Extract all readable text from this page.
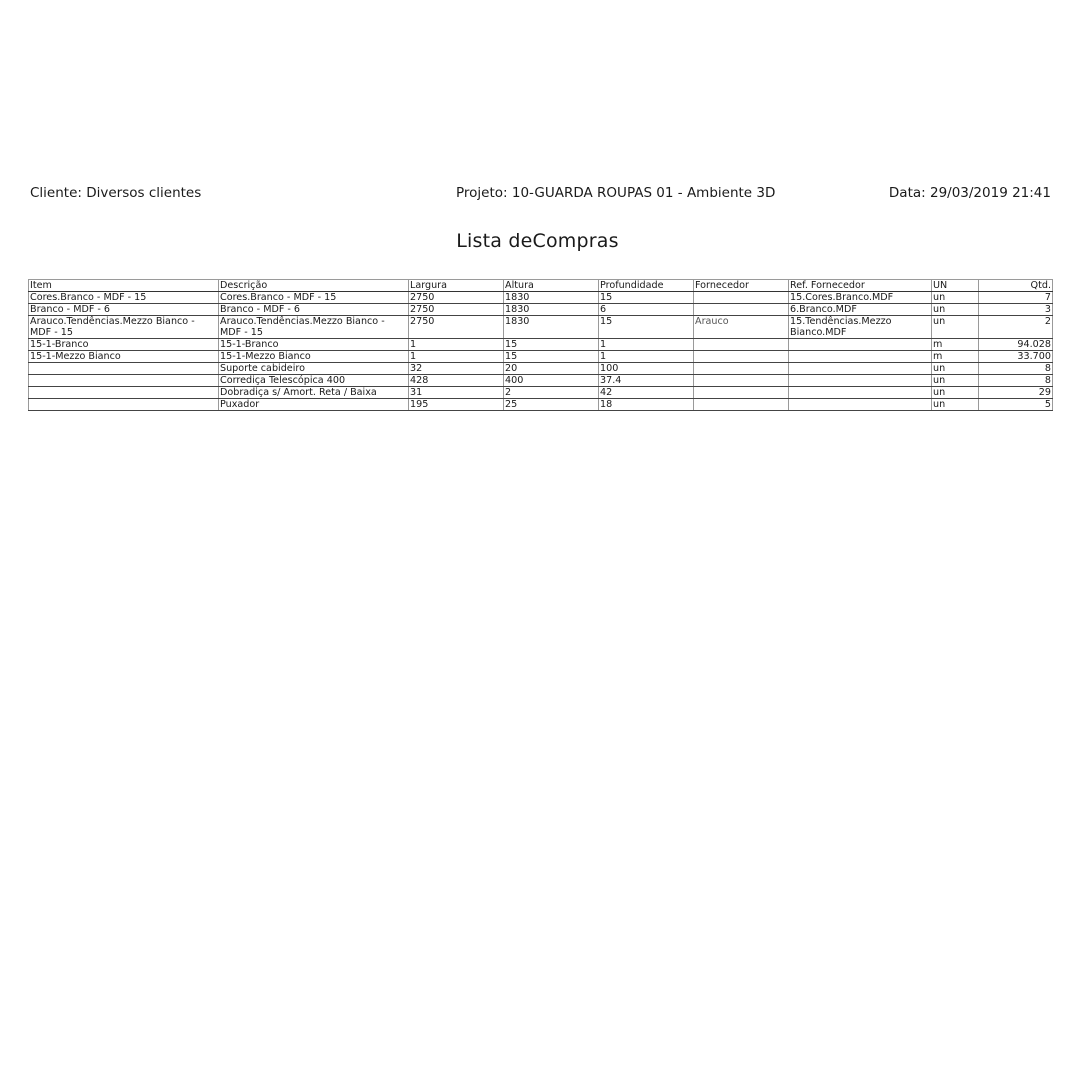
Cliente: Diversos clientes	Projeto: 10-GUARDA ROUPAS 01 - Ambiente 3D	Data: 29/03/2019 21:41
Lista deCompras
Item	Descrição	Largura	Altura	Profundidade	Fornecedor	Ref. Fornecedor	UN	Qtd.
Cores.Branco - MDF - 15	Cores.Branco - MDF - 15	2750	1830	15		15.Cores.Branco.MDF	un	7
Branco - MDF - 6	Branco - MDF - 6	2750	1830	6		6.Branco.MDF	un	3
Arauco.Tendências.Mezzo Bianco - MDF - 15	Arauco.Tendências.Mezzo Bianco - MDF - 15	2750	1830	15	Arauco	15.Tendências.Mezzo Bianco.MDF	un	2
15-1-Branco	15-1-Branco	1	15	1			m	94.028
15-1-Mezzo Bianco	15-1-Mezzo Bianco	1	15	1			m	33.700
	Suporte cabideiro	32	20	100			un	8
	Corrediça Telescópica 400	428	400	37.4			un	8
	Dobradiça s/ Amort. Reta / Baixa	31	2	42			un	29
	Puxador	195	25	18			un	5
